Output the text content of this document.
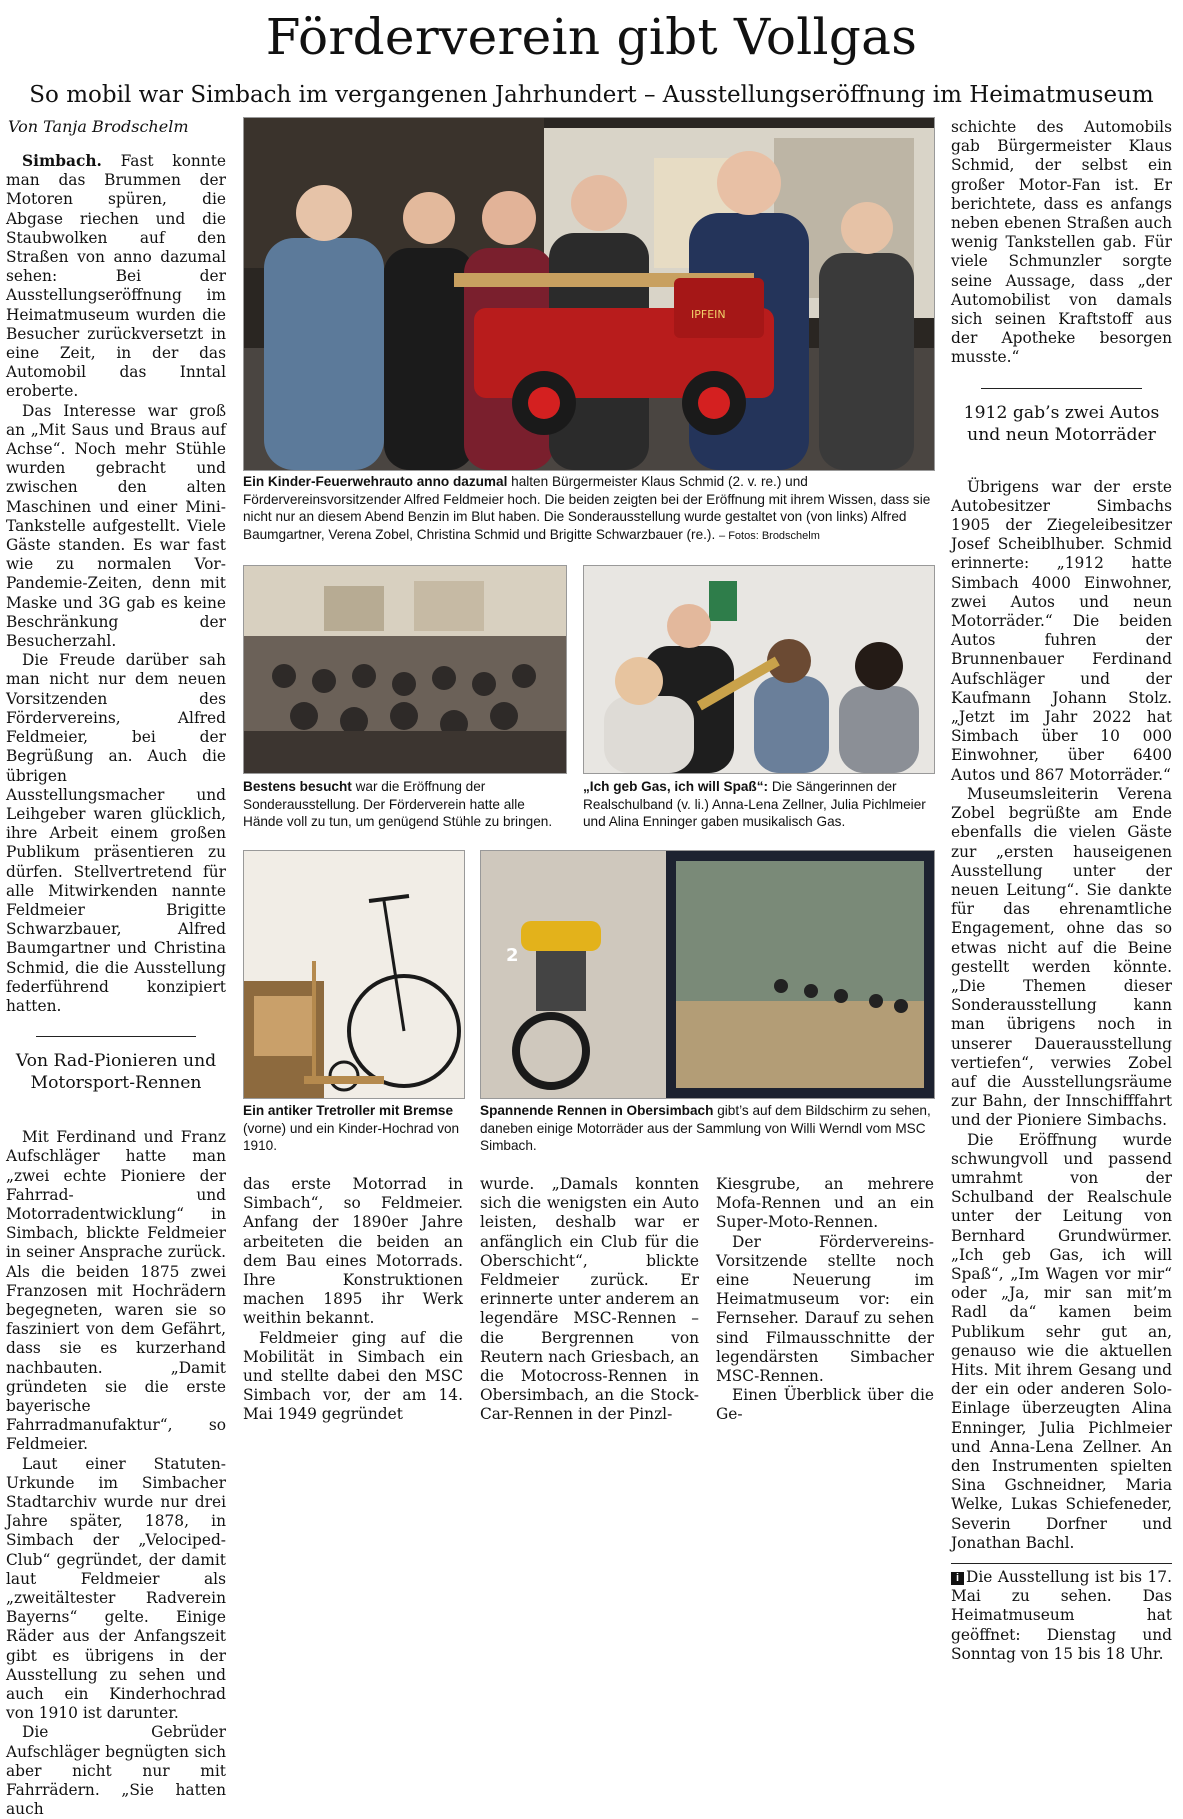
Förderverein gibt Vollgas
So mobil war Simbach im vergangenen Jahrhundert – Ausstellungseröffnung im Heimatmuseum
Von Tanja Brodschelm

Simbach. Fast konnte man das Brummen der Motoren spüren, die Abgase riechen und die Staubwolken auf den Straßen von anno dazumal sehen: Bei der Ausstellungseröffnung im Heimatmuseum wurden die Besucher zurückversetzt in eine Zeit, in der das Automobil das Inntal eroberte.

Das Interesse war groß an „Mit Saus und Braus auf Achse“. Noch mehr Stühle wurden gebracht und zwischen den alten Maschinen und einer Mini-Tankstelle aufgestellt. Viele Gäste standen. Es war fast wie zu normalen Vor-Pandemie-Zeiten, denn mit Maske und 3G gab es keine Beschränkung der Besucherzahl.

Die Freude darüber sah man nicht nur dem neuen Vorsitzenden des Fördervereins, Alfred Feldmeier, bei der Begrüßung an. Auch die übrigen Ausstellungsmacher und Leihgeber waren glücklich, ihre Arbeit einem großen Publikum präsentieren zu dürfen. Stellvertretend für alle Mitwirkenden nannte Feldmeier Brigitte Schwarzbauer, Alfred Baumgartner und Christina Schmid, die die Ausstellung federführend konzipiert hatten.

Von Rad-Pionieren und Motorsport-Rennen

Mit Ferdinand und Franz Aufschläger hatte man „zwei echte Pioniere der Fahrrad- und Motorradentwicklung“ in Simbach, blickte Feldmeier in seiner Ansprache zurück. Als die beiden 1875 zwei Franzosen mit Hochrädern begegneten, waren sie so fasziniert von dem Gefährt, dass sie es kurzerhand nachbauten. „Damit gründeten sie die erste bayerische Fahrradmanufaktur“, so Feldmeier.

Laut einer Statuten-Urkunde im Simbacher Stadtarchiv wurde nur drei Jahre später, 1878, in Simbach der „Velociped-Club“ gegründet, der damit laut Feldmeier als „zweitältester Radverein Bayerns“ gelte. Einige Räder aus der Anfangszeit gibt es übrigens in der Ausstellung zu sehen und auch ein Kinderhochrad von 1910 ist darunter.

Die Gebrüder Aufschläger begnügten sich aber nicht nur mit Fahrrädern. „Sie hatten auch

IPFEIN
Ein Kinder-Feuerwehrauto anno dazumal halten Bürgermeister Klaus Schmid (2. v. re.) und Fördervereinsvorsitzender Alfred Feldmeier hoch. Die beiden zeigten bei der Eröffnung mit ihrem Wissen, dass sie nicht nur an diesem Abend Benzin im Blut haben. Die Sonderausstellung wurde gestaltet von (von links) Alfred Baumgartner, Verena Zobel, Christina Schmid und Brigitte Schwarzbauer (re.). – Fotos: Brodschelm
Bestens besucht war die Eröffnung der Sonderausstellung. Der Förderverein hatte alle Hände voll zu tun, um genügend Stühle zu bringen.
„Ich geb Gas, ich will Spaß“: Die Sängerinnen der Realschulband (v. li.) Anna-Lena Zellner, Julia Pichlmeier und Alina Enninger gaben musikalisch Gas.
Ein antiker Tretroller mit Bremse (vorne) und ein Kinder-Hochrad von 1910.
2
Spannende Rennen in Obersimbach gibt’s auf dem Bildschirm zu sehen, daneben einige Motorräder aus der Sammlung von Willi Werndl vom MSC Simbach.

das erste Motorrad in Simbach“, so Feldmeier. Anfang der 1890er Jahre arbeiteten die beiden an dem Bau eines Motorrads. Ihre Konstruktionen machen 1895 ihr Werk weithin bekannt.

Feldmeier ging auf die Mobilität in Simbach ein und stellte dabei den MSC Simbach vor, der am 14. Mai 1949 gegründet

wurde. „Damals konnten sich die wenigsten ein Auto leisten, deshalb war er anfänglich ein Club für die Oberschicht“, blickte Feldmeier zurück. Er erinnerte unter anderem an legendäre MSC-Rennen – die Bergrennen von Reutern nach Griesbach, an die Motocross-Rennen in Obersimbach, an die Stock-Car-Rennen in der Pinzl-

Kiesgrube, an mehrere Mofa-Rennen und an ein Super-Moto-Rennen.

Der Fördervereins-Vorsitzende stellte noch eine Neuerung im Heimatmuseum vor: ein Fernseher. Darauf zu sehen sind Filmausschnitte der legendärsten Simbacher MSC-Rennen.

Einen Überblick über die Ge-

schichte des Automobils gab Bürgermeister Klaus Schmid, der selbst ein großer Motor-Fan ist. Er berichtete, dass es anfangs neben ebenen Straßen auch wenig Tankstellen gab. Für viele Schmunzler sorgte seine Aussage, dass „der Automobilist von damals sich seinen Kraftstoff aus der Apotheke besorgen musste.“

1912 gab’s zwei Autos und neun Motorräder

Übrigens war der erste Autobesitzer Simbachs 1905 der Ziegeleibesitzer Josef Scheiblhuber. Schmid erinnerte: „1912 hatte Simbach 4000 Einwohner, zwei Autos und neun Motorräder.“ Die beiden Autos fuhren der Brunnenbauer Ferdinand Aufschläger und der Kaufmann Johann Stolz. „Jetzt im Jahr 2022 hat Simbach über 10 000 Einwohner, über 6400 Autos und 867 Motorräder.“

Museumsleiterin Verena Zobel begrüßte am Ende ebenfalls die vielen Gäste zur „ersten hauseigenen Ausstellung unter der neuen Leitung“. Sie dankte für das ehrenamtliche Engagement, ohne das so etwas nicht auf die Beine gestellt werden könnte. „Die Themen dieser Sonderausstellung kann man übrigens noch in unserer Dauerausstellung vertiefen“, verwies Zobel auf die Ausstellungsräume zur Bahn, der Innschifffahrt und der Pioniere Simbachs.

Die Eröffnung wurde schwungvoll und passend umrahmt von der Schulband der Realschule unter der Leitung von Bernhard Grundwürmer. „Ich geb Gas, ich will Spaß“, „Im Wagen vor mir“ oder „Ja, mir san mit’m Radl da“ kamen beim Publikum sehr gut an, genauso wie die aktuellen Hits. Mit ihrem Gesang und der ein oder anderen Solo-Einlage überzeugten Alina Enninger, Julia Pichlmeier und Anna-Lena Zellner. An den Instrumenten spielten Sina Gschneidner, Maria Welke, Lukas Schiefeneder, Severin Dorfner und Jonathan Bachl.

i Die Ausstellung ist bis 17. Mai zu sehen. Das Heimatmuseum hat geöffnet: Dienstag und Sonntag von 15 bis 18 Uhr.
